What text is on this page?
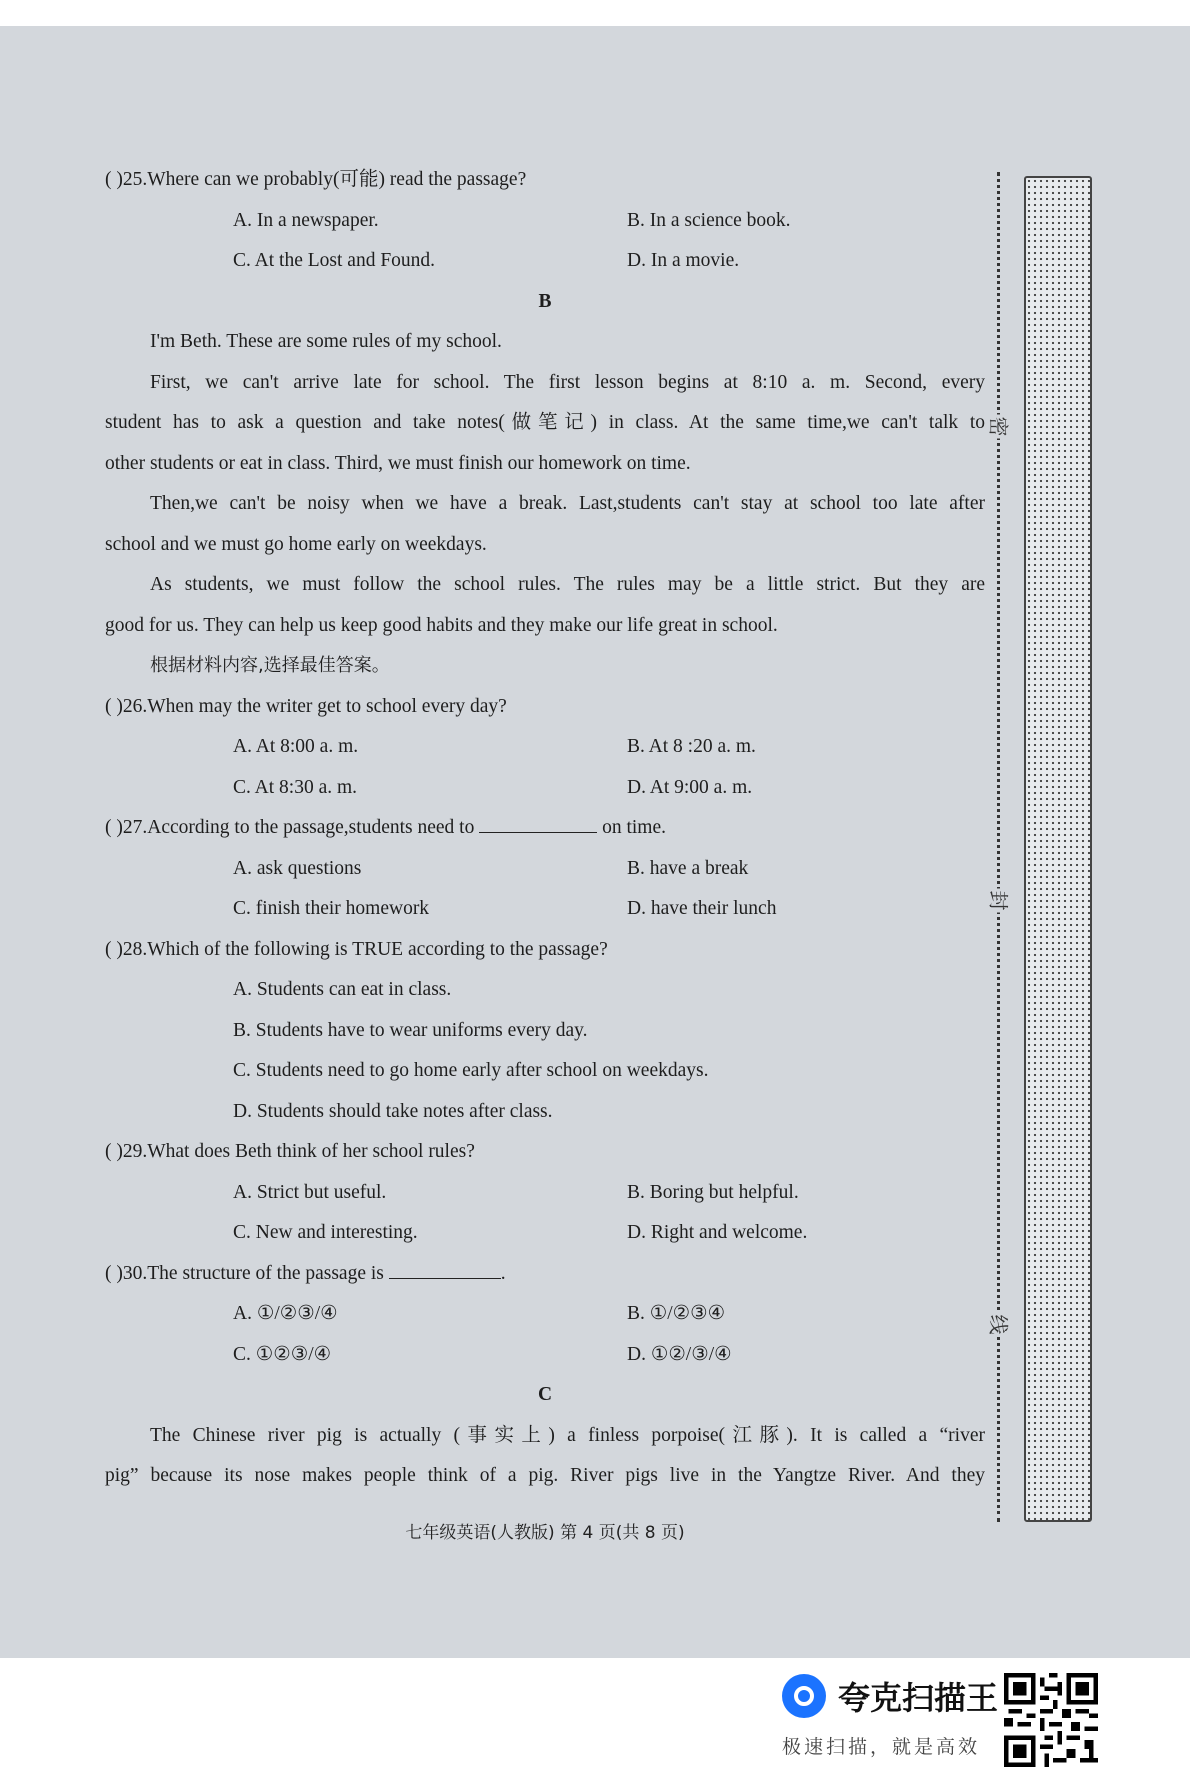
( )25.Where can we probably(可能) read the passage?
A. In a newspaper.	B. In a science book.
C. At the Lost and Found.	D. In a movie.
B
I'm Beth. These are some rules of my school.
First, we can't arrive late for school. The first lesson begins at 8:10 a. m. Second, every
student has to ask a question and take notes(做笔记) in class. At the same time,we can't talk to
other students or eat in class. Third, we must finish our homework on time.
Then,we can't be noisy when we have a break. Last,students can't stay at school too late after
school and we must go home early on weekdays.
As students, we must follow the school rules. The rules may be a little strict. But they are
good for us. They can help us keep good habits and they make our life great in school.
根据材料内容,选择最佳答案。
( )26.When may the writer get to school every day?
A. At 8:00 a. m.	B. At 8 :20 a. m.
C. At 8:30 a. m.	D. At 9:00 a. m.
( )27.According to the passage,students need to	on time.
A. ask questions	B. have a break
C. finish their homework	D. have their lunch
( )28.Which of the following is TRUE according to the passage?
A. Students can eat in class.
B. Students have to wear uniforms every day.
C. Students need to go home early after school on weekdays.
D. Students should take notes after class.
( )29.What does Beth think of her school rules?
A. Strict but useful.	B. Boring but helpful.
C. New and interesting.	D. Right and welcome.
( )30.The structure of the passage is	.
A. ①/②③/④	B. ①/②③④
C. ①②③/④	D. ①②/③/④
C
The Chinese river pig is actually (事实上) a finless porpoise(江豚). It is called a “river
pig” because its nose makes people think of a pig. River pigs live in the Yangtze River. And they
七年级英语(人教版) 第 4 页(共 8 页)
密
封
线
夸克扫描王
极速扫描，就是高效
